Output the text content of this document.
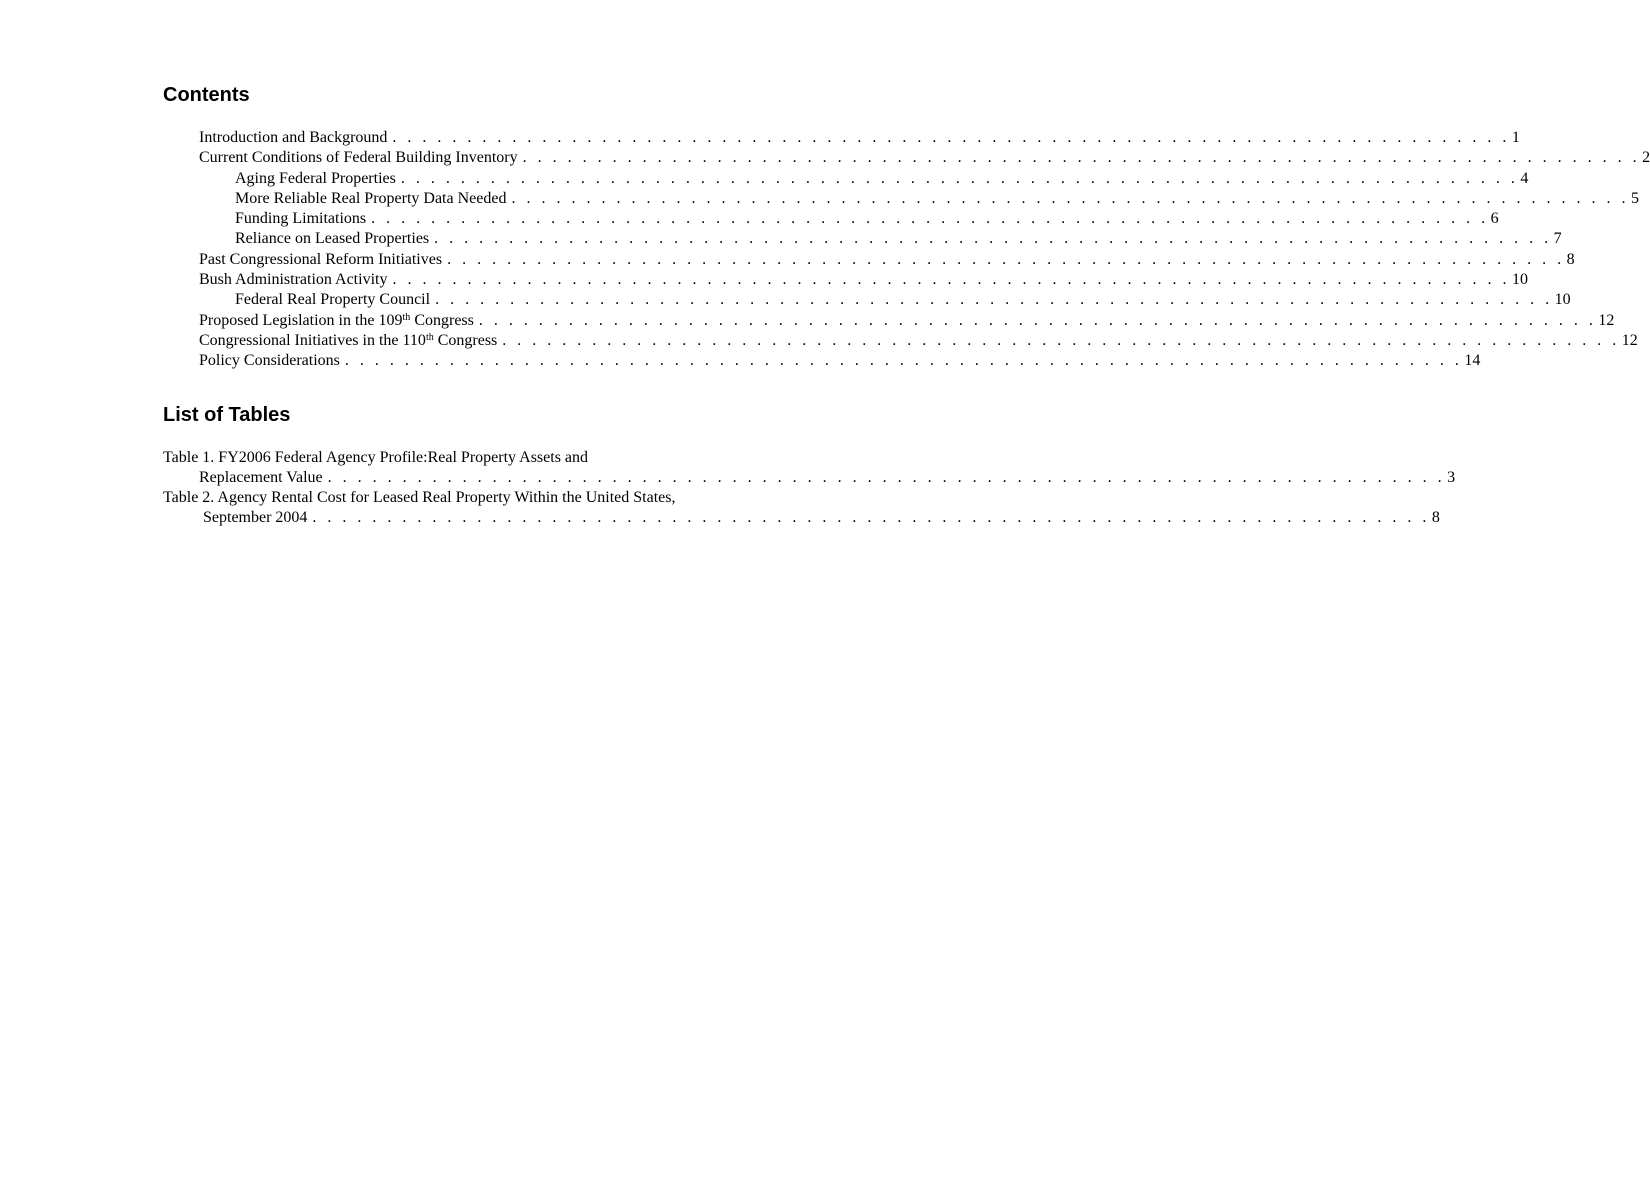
Contents
Introduction and Background . . . . . . . . . . . . . . . . . . . . . . . . . . . . . . . . . . . . . . . . . . . . . . . . . . . . . . . . . . . . . . . . . . . . . . . . . . . 1
Current Conditions of Federal Building Inventory . . . . . . . . . . . . . . . . . . . . . . . . . . . . . . . . . . . . . . . . . . . . . . . . . . . . . . . . . . . . . . . . . . . . . . . . . . . 2
Aging Federal Properties . . . . . . . . . . . . . . . . . . . . . . . . . . . . . . . . . . . . . . . . . . . . . . . . . . . . . . . . . . . . . . . . . . . . . . . . . . . 4
More Reliable Real Property Data Needed . . . . . . . . . . . . . . . . . . . . . . . . . . . . . . . . . . . . . . . . . . . . . . . . . . . . . . . . . . . . . . . . . . . . . . . . . . . 5
Funding Limitations . . . . . . . . . . . . . . . . . . . . . . . . . . . . . . . . . . . . . . . . . . . . . . . . . . . . . . . . . . . . . . . . . . . . . . . . . . . 6
Reliance on Leased Properties . . . . . . . . . . . . . . . . . . . . . . . . . . . . . . . . . . . . . . . . . . . . . . . . . . . . . . . . . . . . . . . . . . . . . . . . . . . 7
Past Congressional Reform Initiatives . . . . . . . . . . . . . . . . . . . . . . . . . . . . . . . . . . . . . . . . . . . . . . . . . . . . . . . . . . . . . . . . . . . . . . . . . . . 8
Bush Administration Activity . . . . . . . . . . . . . . . . . . . . . . . . . . . . . . . . . . . . . . . . . . . . . . . . . . . . . . . . . . . . . . . . . . . . . . . . . . . 10
Federal Real Property Council . . . . . . . . . . . . . . . . . . . . . . . . . . . . . . . . . . . . . . . . . . . . . . . . . . . . . . . . . . . . . . . . . . . . . . . . . . . 10
Proposed Legislation in the 109th Congress . . . . . . . . . . . . . . . . . . . . . . . . . . . . . . . . . . . . . . . . . . . . . . . . . . . . . . . . . . . . . . . . . . . . . . . . . . . 12
Congressional Initiatives in the 110th Congress . . . . . . . . . . . . . . . . . . . . . . . . . . . . . . . . . . . . . . . . . . . . . . . . . . . . . . . . . . . . . . . . . . . . . . . . . . . 12
Policy Considerations . . . . . . . . . . . . . . . . . . . . . . . . . . . . . . . . . . . . . . . . . . . . . . . . . . . . . . . . . . . . . . . . . . . . . . . . . . . 14
List of Tables
Table 1. FY2006 Federal Agency Profile:Real Property Assets and
Replacement Value . . . . . . . . . . . . . . . . . . . . . . . . . . . . . . . . . . . . . . . . . . . . . . . . . . . . . . . . . . . . . . . . . . . . . . . . . . . 3
Table 2. Agency Rental Cost for Leased Real Property Within the United States,
September 2004 . . . . . . . . . . . . . . . . . . . . . . . . . . . . . . . . . . . . . . . . . . . . . . . . . . . . . . . . . . . . . . . . . . . . . . . . . . . 8
